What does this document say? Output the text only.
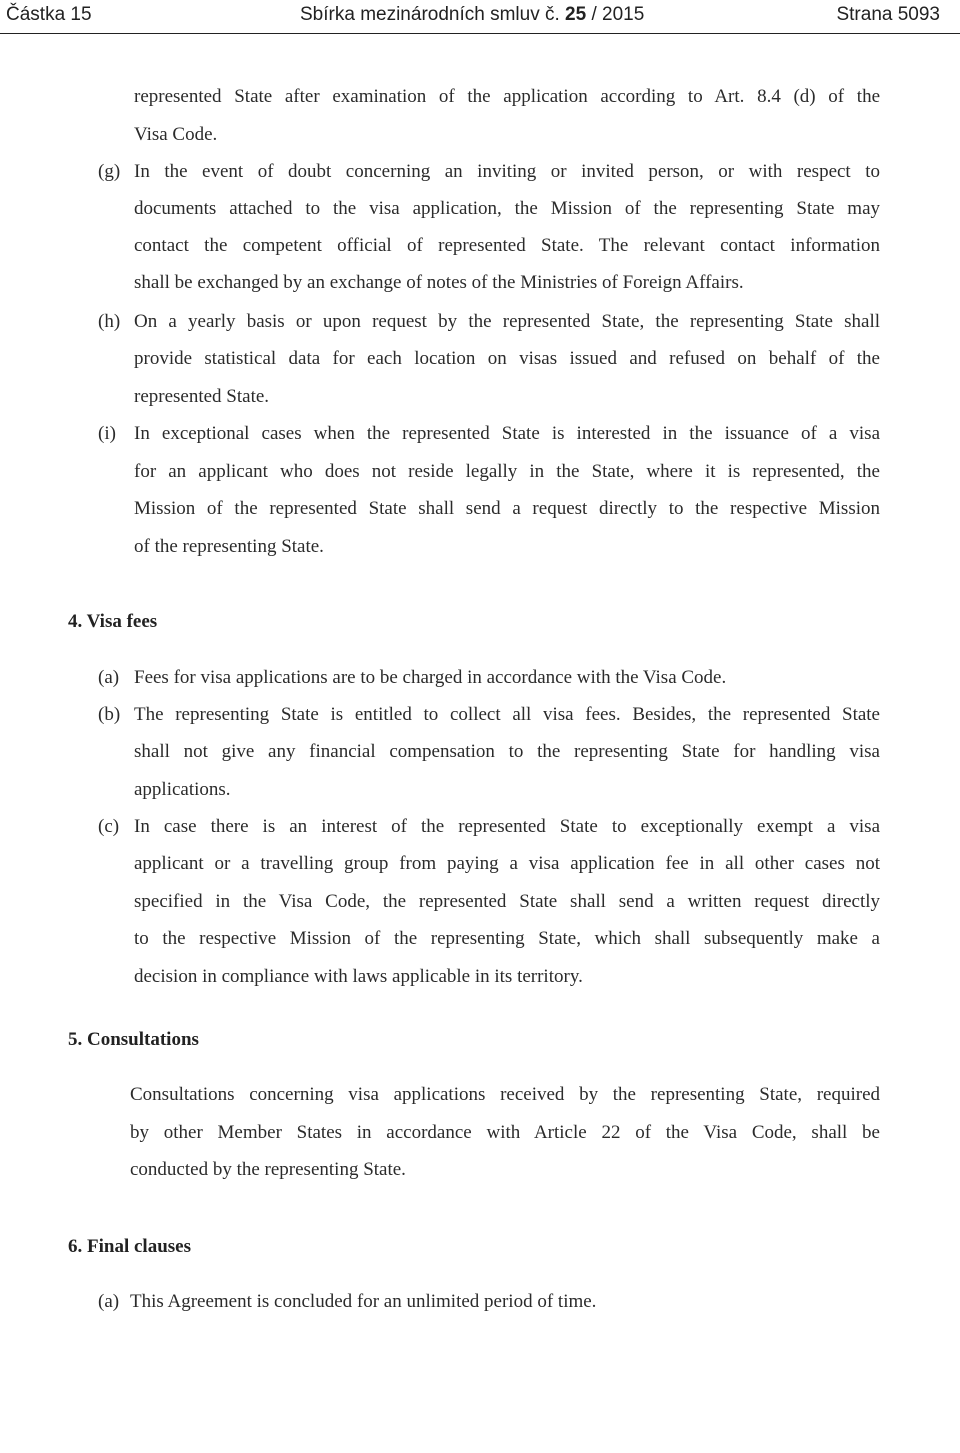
Částka 15	Sbírka mezinárodních smluv č. 25 / 2015	Strana 5093
represented State after examination of the application according to Art. 8.4 (d) of the
Visa Code.
(g) In the event of doubt concerning an inviting or invited person, or with respect to
documents attached to the visa application, the Mission of the representing State may
contact the competent official of represented State. The relevant contact information
shall be exchanged by an exchange of notes of the Ministries of Foreign Affairs.
(h) On a yearly basis or upon request by the represented State, the representing State shall
provide statistical data for each location on visas issued and refused on behalf of the
represented State.
(i) In exceptional cases when the represented State is interested in the issuance of a visa
for an applicant who does not reside legally in the State, where it is represented, the
Mission of the represented State shall send a request directly to the respective Mission
of the representing State.
4. Visa fees
(a) Fees for visa applications are to be charged in accordance with the Visa Code.
(b) The representing State is entitled to collect all visa fees. Besides, the represented State
shall not give any financial compensation to the representing State for handling visa
applications.
(c) In case there is an interest of the represented State to exceptionally exempt a visa
applicant or a travelling group from paying a visa application fee in all other cases not
specified in the Visa Code, the represented State shall send a written request directly
to the respective Mission of the representing State, which shall subsequently make a
decision in compliance with laws applicable in its territory.
5. Consultations
Consultations concerning visa applications received by the representing State, required
by other Member States in accordance with Article 22 of the Visa Code, shall be
conducted by the representing State.
6. Final clauses
(a) This Agreement is concluded for an unlimited period of time.
